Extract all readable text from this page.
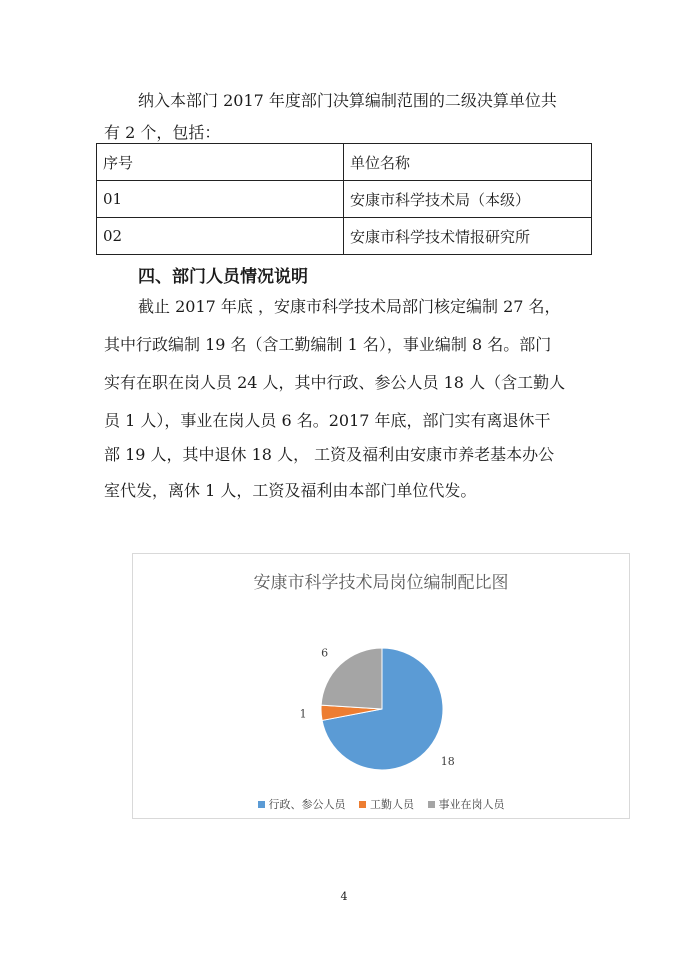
纳入本部门 2017 年度部门决算编制范围的二级决算单位共
有 2 个，包括：
序号	单位名称
01	安康市科学技术局（本级）
02	安康市科学技术情报研究所
四、部门人员情况说明
截止 2017 年底 ，安康市科学技术局部门核定编制 27 名，
其中行政编制 19 名（含工勤编制 1 名），事业编制 8 名。部门
实有在职在岗人员 24 人，其中行政、参公人员 18 人（含工勤人
员 1 人），事业在岗人员 6 名。2017 年底，部门实有离退休干
部 19 人，其中退休 18 人， 工资及福利由安康市养老基本办公
室代发，离休 1 人，工资及福利由本部门单位代发。
安康市科学技术局岗位编制配比图
18
1
6
行政、参公人员 工勤人员 事业在岗人员
4
